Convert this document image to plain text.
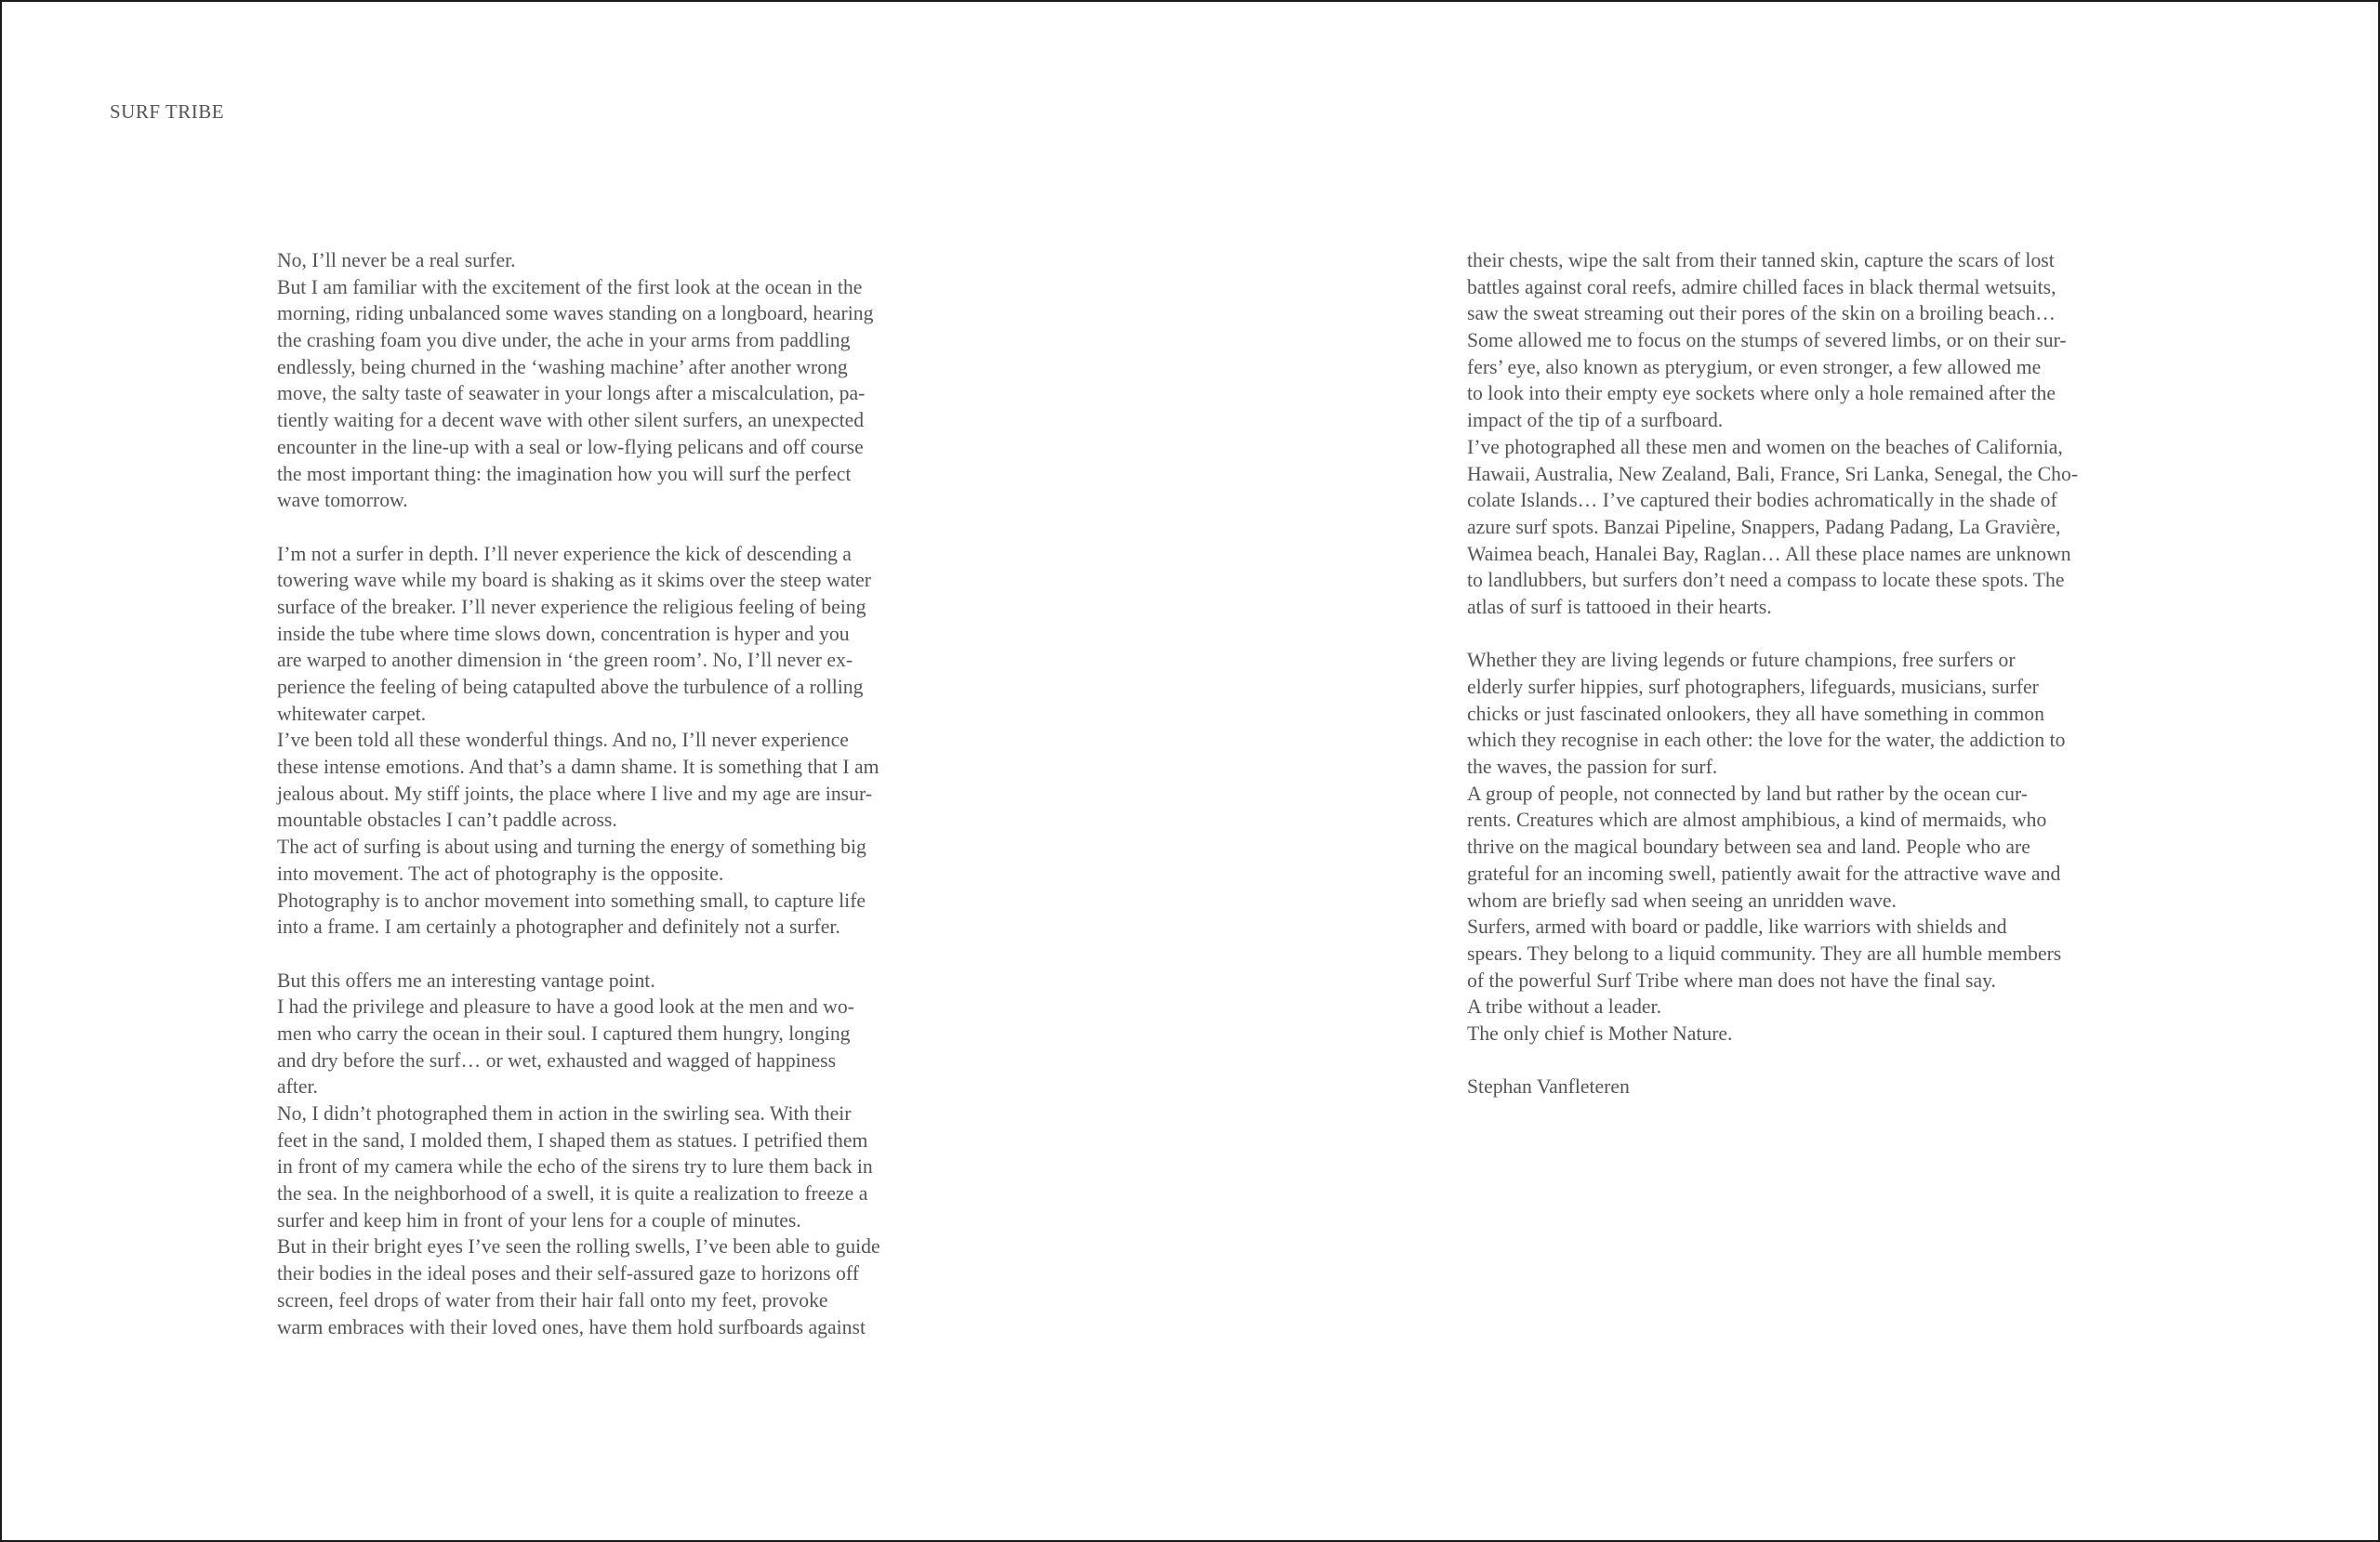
SURF TRIBE
No, I’ll never be a real surfer.
But I am familiar with the excitement of the first look at the ocean in the
morning, riding unbalanced some waves standing on a longboard, hearing
the crashing foam you dive under, the ache in your arms from paddling
endlessly, being churned in the ‘washing machine’ after another wrong
move, the salty taste of seawater in your longs after a miscalculation, pa-
tiently waiting for a decent wave with other silent surfers, an unexpected
encounter in the line-up with a seal or low-flying pelicans and off course
the most important thing: the imagination how you will surf the perfect
wave tomorrow.
I’m not a surfer in depth. I’ll never experience the kick of descending a
towering wave while my board is shaking as it skims over the steep water
surface of the breaker. I’ll never experience the religious feeling of being
inside the tube where time slows down, concentration is hyper and you
are warped to another dimension in ‘the green room’. No, I’ll never ex-
perience the feeling of being catapulted above the turbulence of a rolling
whitewater carpet.
I’ve been told all these wonderful things. And no, I’ll never experience
these intense emotions. And that’s a damn shame. It is something that I am
jealous about. My stiff joints, the place where I live and my age are insur-
mountable obstacles I can’t paddle across.
The act of surfing is about using and turning the energy of something big
into movement. The act of photography is the opposite.
Photography is to anchor movement into something small, to capture life
into a frame. I am certainly a photographer and definitely not a surfer.
But this offers me an interesting vantage point.
I had the privilege and pleasure to have a good look at the men and wo-
men who carry the ocean in their soul. I captured them hungry, longing
and dry before the surf… or wet, exhausted and wagged of happiness
after.
No, I didn’t photographed them in action in the swirling sea. With their
feet in the sand, I molded them, I shaped them as statues. I petrified them
in front of my camera while the echo of the sirens try to lure them back in
the sea. In the neighborhood of a swell, it is quite a realization to freeze a
surfer and keep him in front of your lens for a couple of minutes.
But in their bright eyes I’ve seen the rolling swells, I’ve been able to guide
their bodies in the ideal poses and their self-assured gaze to horizons off
screen, feel drops of water from their hair fall onto my feet, provoke
warm embraces with their loved ones, have them hold surfboards against
their chests, wipe the salt from their tanned skin, capture the scars of lost
battles against coral reefs, admire chilled faces in black thermal wetsuits,
saw the sweat streaming out their pores of the skin on a broiling beach…
Some allowed me to focus on the stumps of severed limbs, or on their sur-
fers’ eye, also known as pterygium, or even stronger, a few allowed me
to look into their empty eye sockets where only a hole remained after the
impact of the tip of a surfboard.
I’ve photographed all these men and women on the beaches of California,
Hawaii, Australia, New Zealand, Bali, France, Sri Lanka, Senegal, the Cho-
colate Islands… I’ve captured their bodies achromatically in the shade of
azure surf spots. Banzai Pipeline, Snappers, Padang Padang, La Gravière,
Waimea beach, Hanalei Bay, Raglan… All these place names are unknown
to landlubbers, but surfers don’t need a compass to locate these spots. The
atlas of surf is tattooed in their hearts.
Whether they are living legends or future champions, free surfers or
elderly surfer hippies, surf photographers, lifeguards, musicians, surfer
chicks or just fascinated onlookers, they all have something in common
which they recognise in each other: the love for the water, the addiction to
the waves, the passion for surf.
A group of people, not connected by land but rather by the ocean cur-
rents. Creatures which are almost amphibious, a kind of mermaids, who
thrive on the magical boundary between sea and land. People who are
grateful for an incoming swell, patiently await for the attractive wave and
whom are briefly sad when seeing an unridden wave.
Surfers, armed with board or paddle, like warriors with shields and
spears. They belong to a liquid community. They are all humble members
of the powerful Surf Tribe where man does not have the final say.
A tribe without a leader.
The only chief is Mother Nature.
Stephan Vanfleteren
